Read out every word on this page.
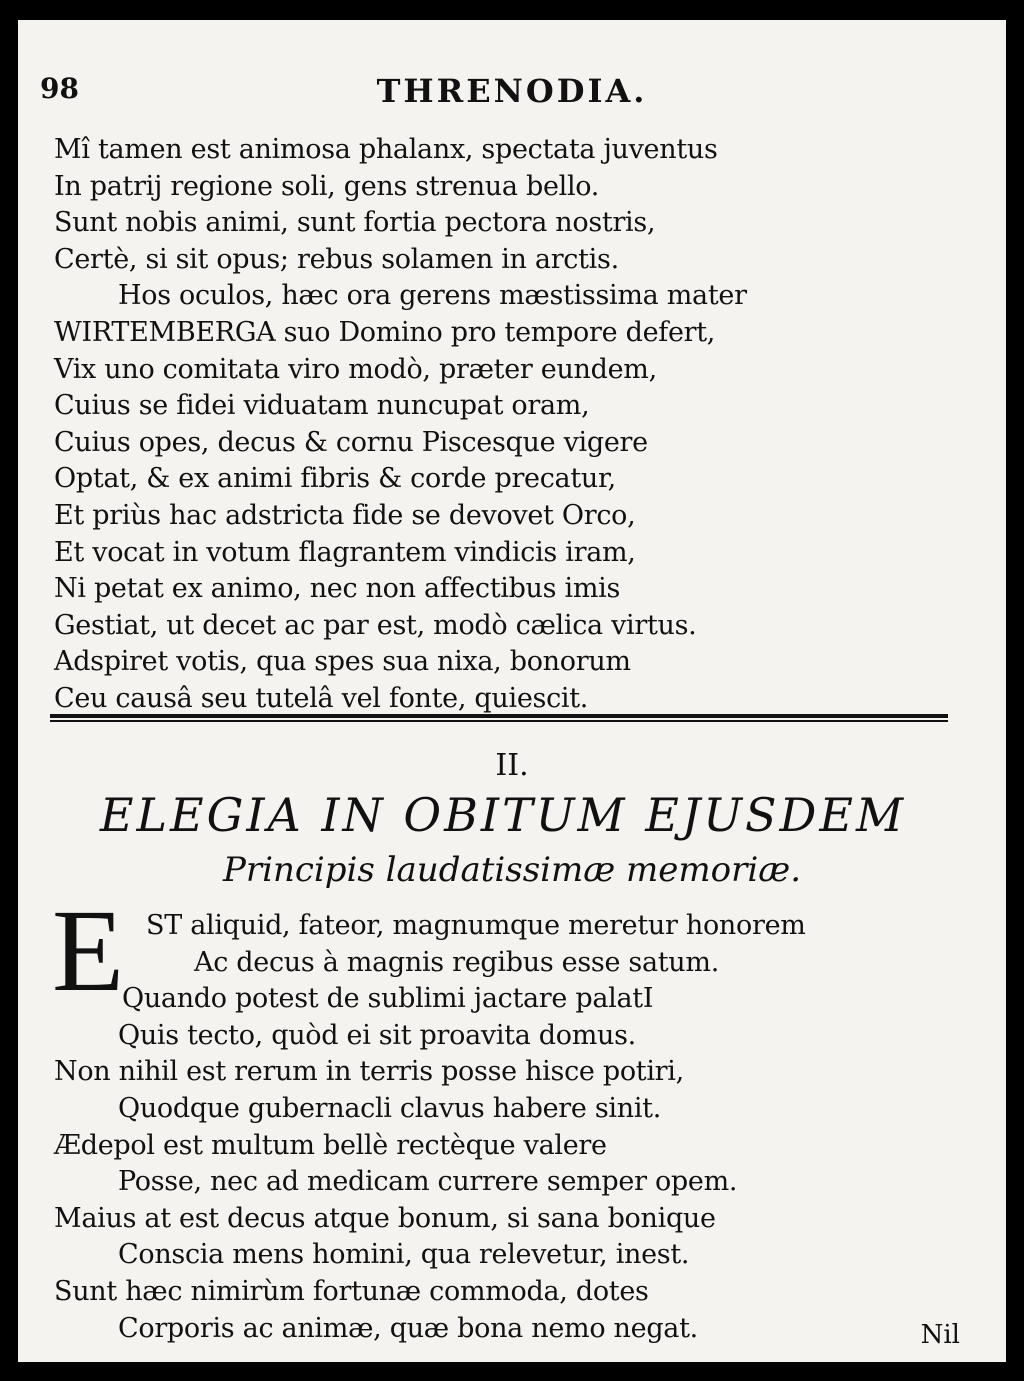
98	THRENODIA.
Mî tamen est animosa phalanx, spectata juventus
In patrij regione soli, gens strenua bello.
Sunt nobis animi, sunt fortia pectora nostris,
Certè, si sit opus; rebus solamen in arctis.
Hos oculos, hæc ora gerens mæstissima mater
WIRTEMBERGA suo Domino pro tempore defert,
Vix uno comitata viro modò, præter eundem,
Cuius se fidei viduatam nuncupat oram,
Cuius opes, decus & cornu Piscesque vigere
Optat, & ex animi fibris & corde precatur,
Et priùs hac adstricta fide se devovet Orco,
Et vocat in votum flagrantem vindicis iram,
Ni petat ex animo, nec non affectibus imis
Gestiat, ut decet ac par est, modò cælica virtus.
Adspiret votis, qua spes sua nixa, bonorum
Ceu causâ seu tutelâ vel fonte, quiescit.
II.
ELEGIA IN OBITUM EJUSDEM
Principis laudatissimæ memoriæ.
E ST aliquid, fateor, magnumque meretur honorem
Ac decus à magnis regibus esse satum.
Quando potest de sublimi jactare palatI
Quis tecto, quòd ei sit proavita domus.
Non nihil est rerum in terris posse hisce potiri,
Quodque gubernacli clavus habere sinit.
Ædepol est multum bellè rectèque valere
Posse, nec ad medicam currere semper opem.
Maius at est decus atque bonum, si sana bonique
Conscia mens homini, qua relevetur, inest.
Sunt hæc nimirùm fortunæ commoda, dotes
Corporis ac animæ, quæ bona nemo negat.	Nil
